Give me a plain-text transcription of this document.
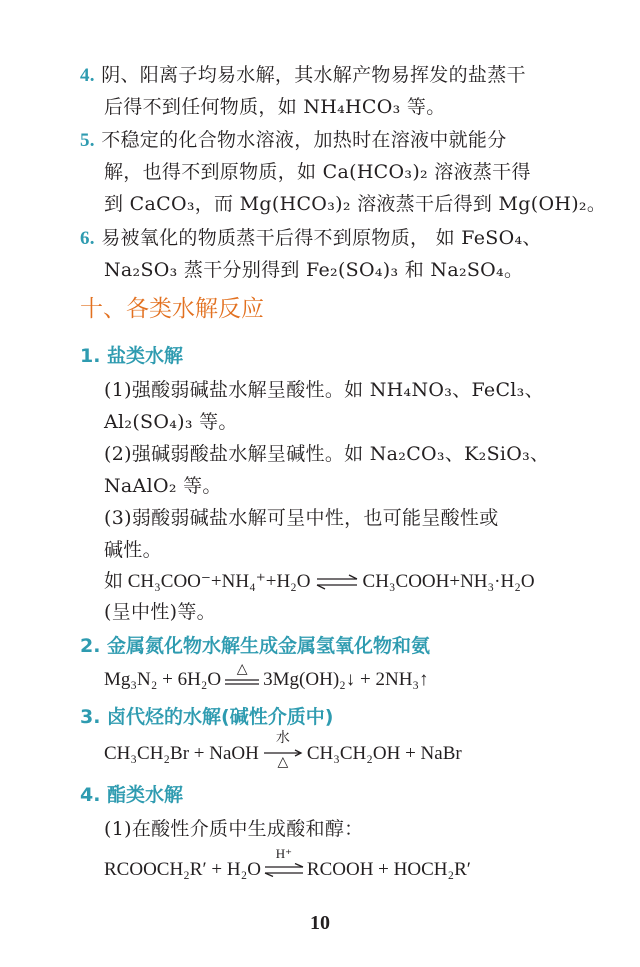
4. 阴、阳离子均易水解，其水解产物易挥发的盐蒸干
后得不到任何物质，如 NH₄HCO₃ 等。
5. 不稳定的化合物水溶液，加热时在溶液中就能分
解，也得不到原物质，如 Ca(HCO₃)₂ 溶液蒸干得
到 CaCO₃，而 Mg(HCO₃)₂ 溶液蒸干后得到 Mg(OH)₂。
6. 易被氧化的物质蒸干后得不到原物质， 如 FeSO₄、
Na₂SO₃ 蒸干分别得到 Fe₂(SO₄)₃ 和 Na₂SO₄。
十、各类水解反应
1. 盐类水解
(1)强酸弱碱盐水解呈酸性。如 NH₄NO₃、FeCl₃、
Al₂(SO₄)₃ 等。
(2)强碱弱酸盐水解呈碱性。如 Na₂CO₃、K₂SiO₃、
NaAlO₂ 等。
(3)弱酸弱碱盐水解可呈中性，也可能呈酸性或
碱性。
如 CH₃COO⁻+NH₄⁺+H₂O ⇌ CH₃COOH+NH₃·H₂O
(呈中性)等。
2. 金属氮化物水解生成金属氢氧化物和氨
Mg₃N₂ + 6H₂O	△ 3Mg(OH)₂↓ + 2NH₃↑
3. 卤代烃的水解(碱性介质中)
CH₃CH₂Br + NaOH
水
△ CH₃CH₂OH + NaBr
4. 酯类水解
(1)在酸性介质中生成酸和醇：
RCOOCH₂R′ + H₂O
H⁺
RCOOH + HOCH₂R′
10
